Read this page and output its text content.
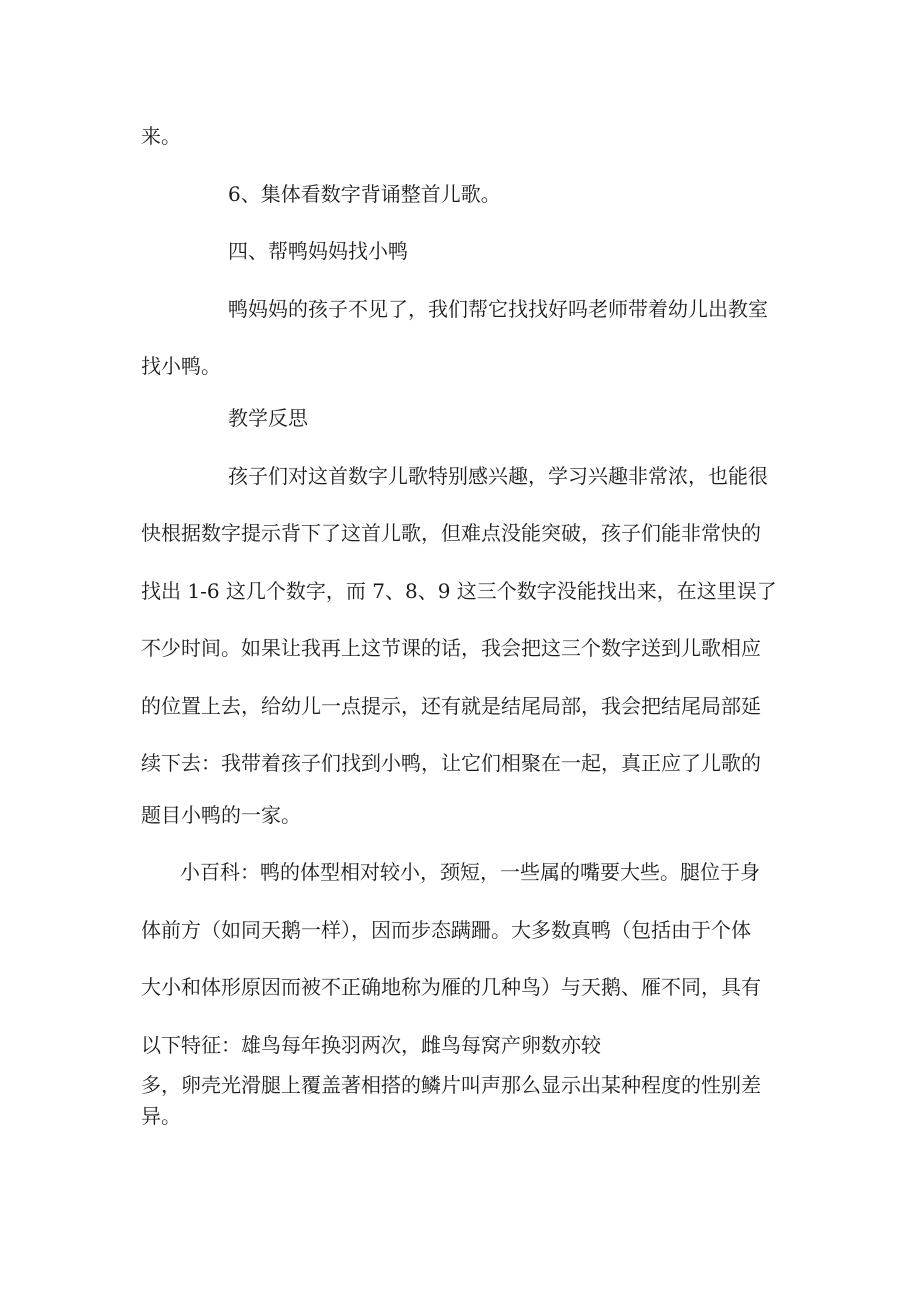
来。
6、集体看数字背诵整首儿歌。
四、帮鸭妈妈找小鸭
鸭妈妈的孩子不见了，我们帮它找找好吗老师带着幼儿出教室
找小鸭。
教学反思
孩子们对这首数字儿歌特别感兴趣，学习兴趣非常浓，也能很
快根据数字提示背下了这首儿歌，但难点没能突破，孩子们能非常快的
找出 1-6 这几个数字，而 7、8、9 这三个数字没能找出来，在这里误了
不少时间。如果让我再上这节课的话，我会把这三个数字送到儿歌相应
的位置上去，给幼儿一点提示，还有就是结尾局部，我会把结尾局部延
续下去：我带着孩子们找到小鸭，让它们相聚在一起，真正应了儿歌的
题目小鸭的一家。
小百科：鸭的体型相对较小，颈短，一些属的嘴要大些。腿位于身
体前方（如同天鹅一样），因而步态蹒跚。大多数真鸭（包括由于个体
大小和体形原因而被不正确地称为雁的几种鸟）与天鹅、雁不同，具有
以下特征：雄鸟每年换羽两次，雌鸟每窝产卵数亦较
多，卵壳光滑腿上覆盖著相搭的鳞片叫声那么显示出某种程度的性别差
异。
